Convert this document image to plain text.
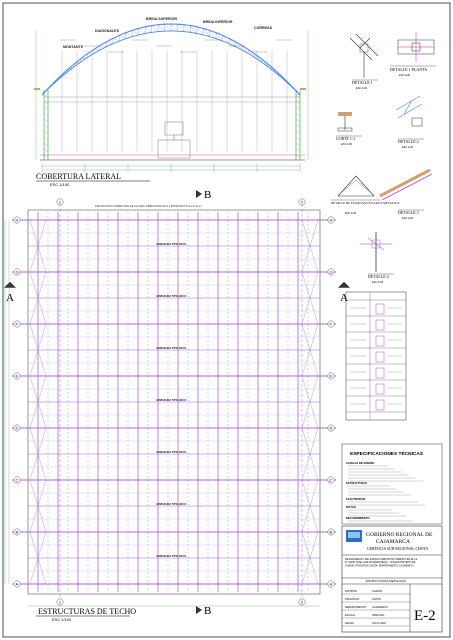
BRIDA SUPERIOR
BRIDA INFERIOR
DIAGONALES
CORREAS
MONTANTE
COBERTURA LATERAL
ESC 1/100
DETALLE 1
ESC 1/20
DETALLE 1 PLANTA
ESC 1/20
CORTE 1-1
ESC 1/20
DETALLE 2
ESC 1/20
DETALLE DE PLANCHAS EN ARCO METALICO
ESC 1/20	DETALLE 3
ESC 1/20
DETALLE 4
ESC 1/20
H	H
ARMADURA TIPO ARCO
G	G
ARMADURA TIPO ARCO
F	F
ARMADURA TIPO ARCO
E	E
ARMADURA TIPO ARCO
D	D
ARMADURA TIPO ARCO
C	C
ARMADURA TIPO ARCO
B	B
ARMADURA TIPO ARCO
A	A
1
1
2
2
A	A
B
B
PROYECCION COBERTURA DE ALUZINC PREPINTADO E=0.4 ESPESOR TR-4 e=0.4mm
ESTRUCTURAS DE TECHO
ESC 1/100
ESPECIFICACIONES TÉCNICAS
CARGAS DE DISEÑO
ESTRUCTURAS
ELECTRODOS
NOTAS
RECUBRIMIENTO
GOBIERNO REGIONAL DE
CAJAMARCA
GERENCIA SUB REGIONAL CHOTA
MEJORAMIENTO DEL ESPACIO DEPORTIVO ABIERTO EN EL I.E. N° 10450 JOSE CARLOS MARIATEGUI - CHALEN DISTRITO DE CHADIN, PROVINCIA CHOTA, DEPARTAMENTO CAJAMARCA
ESTRUCTURAS METALICAS
DISTRITO	CHADIN
PROVINCIA	CHOTA
DEPARTAMENTO CAJAMARCA
ESCALA	INDICADA
FECHA	JULIO 2022 E-2
